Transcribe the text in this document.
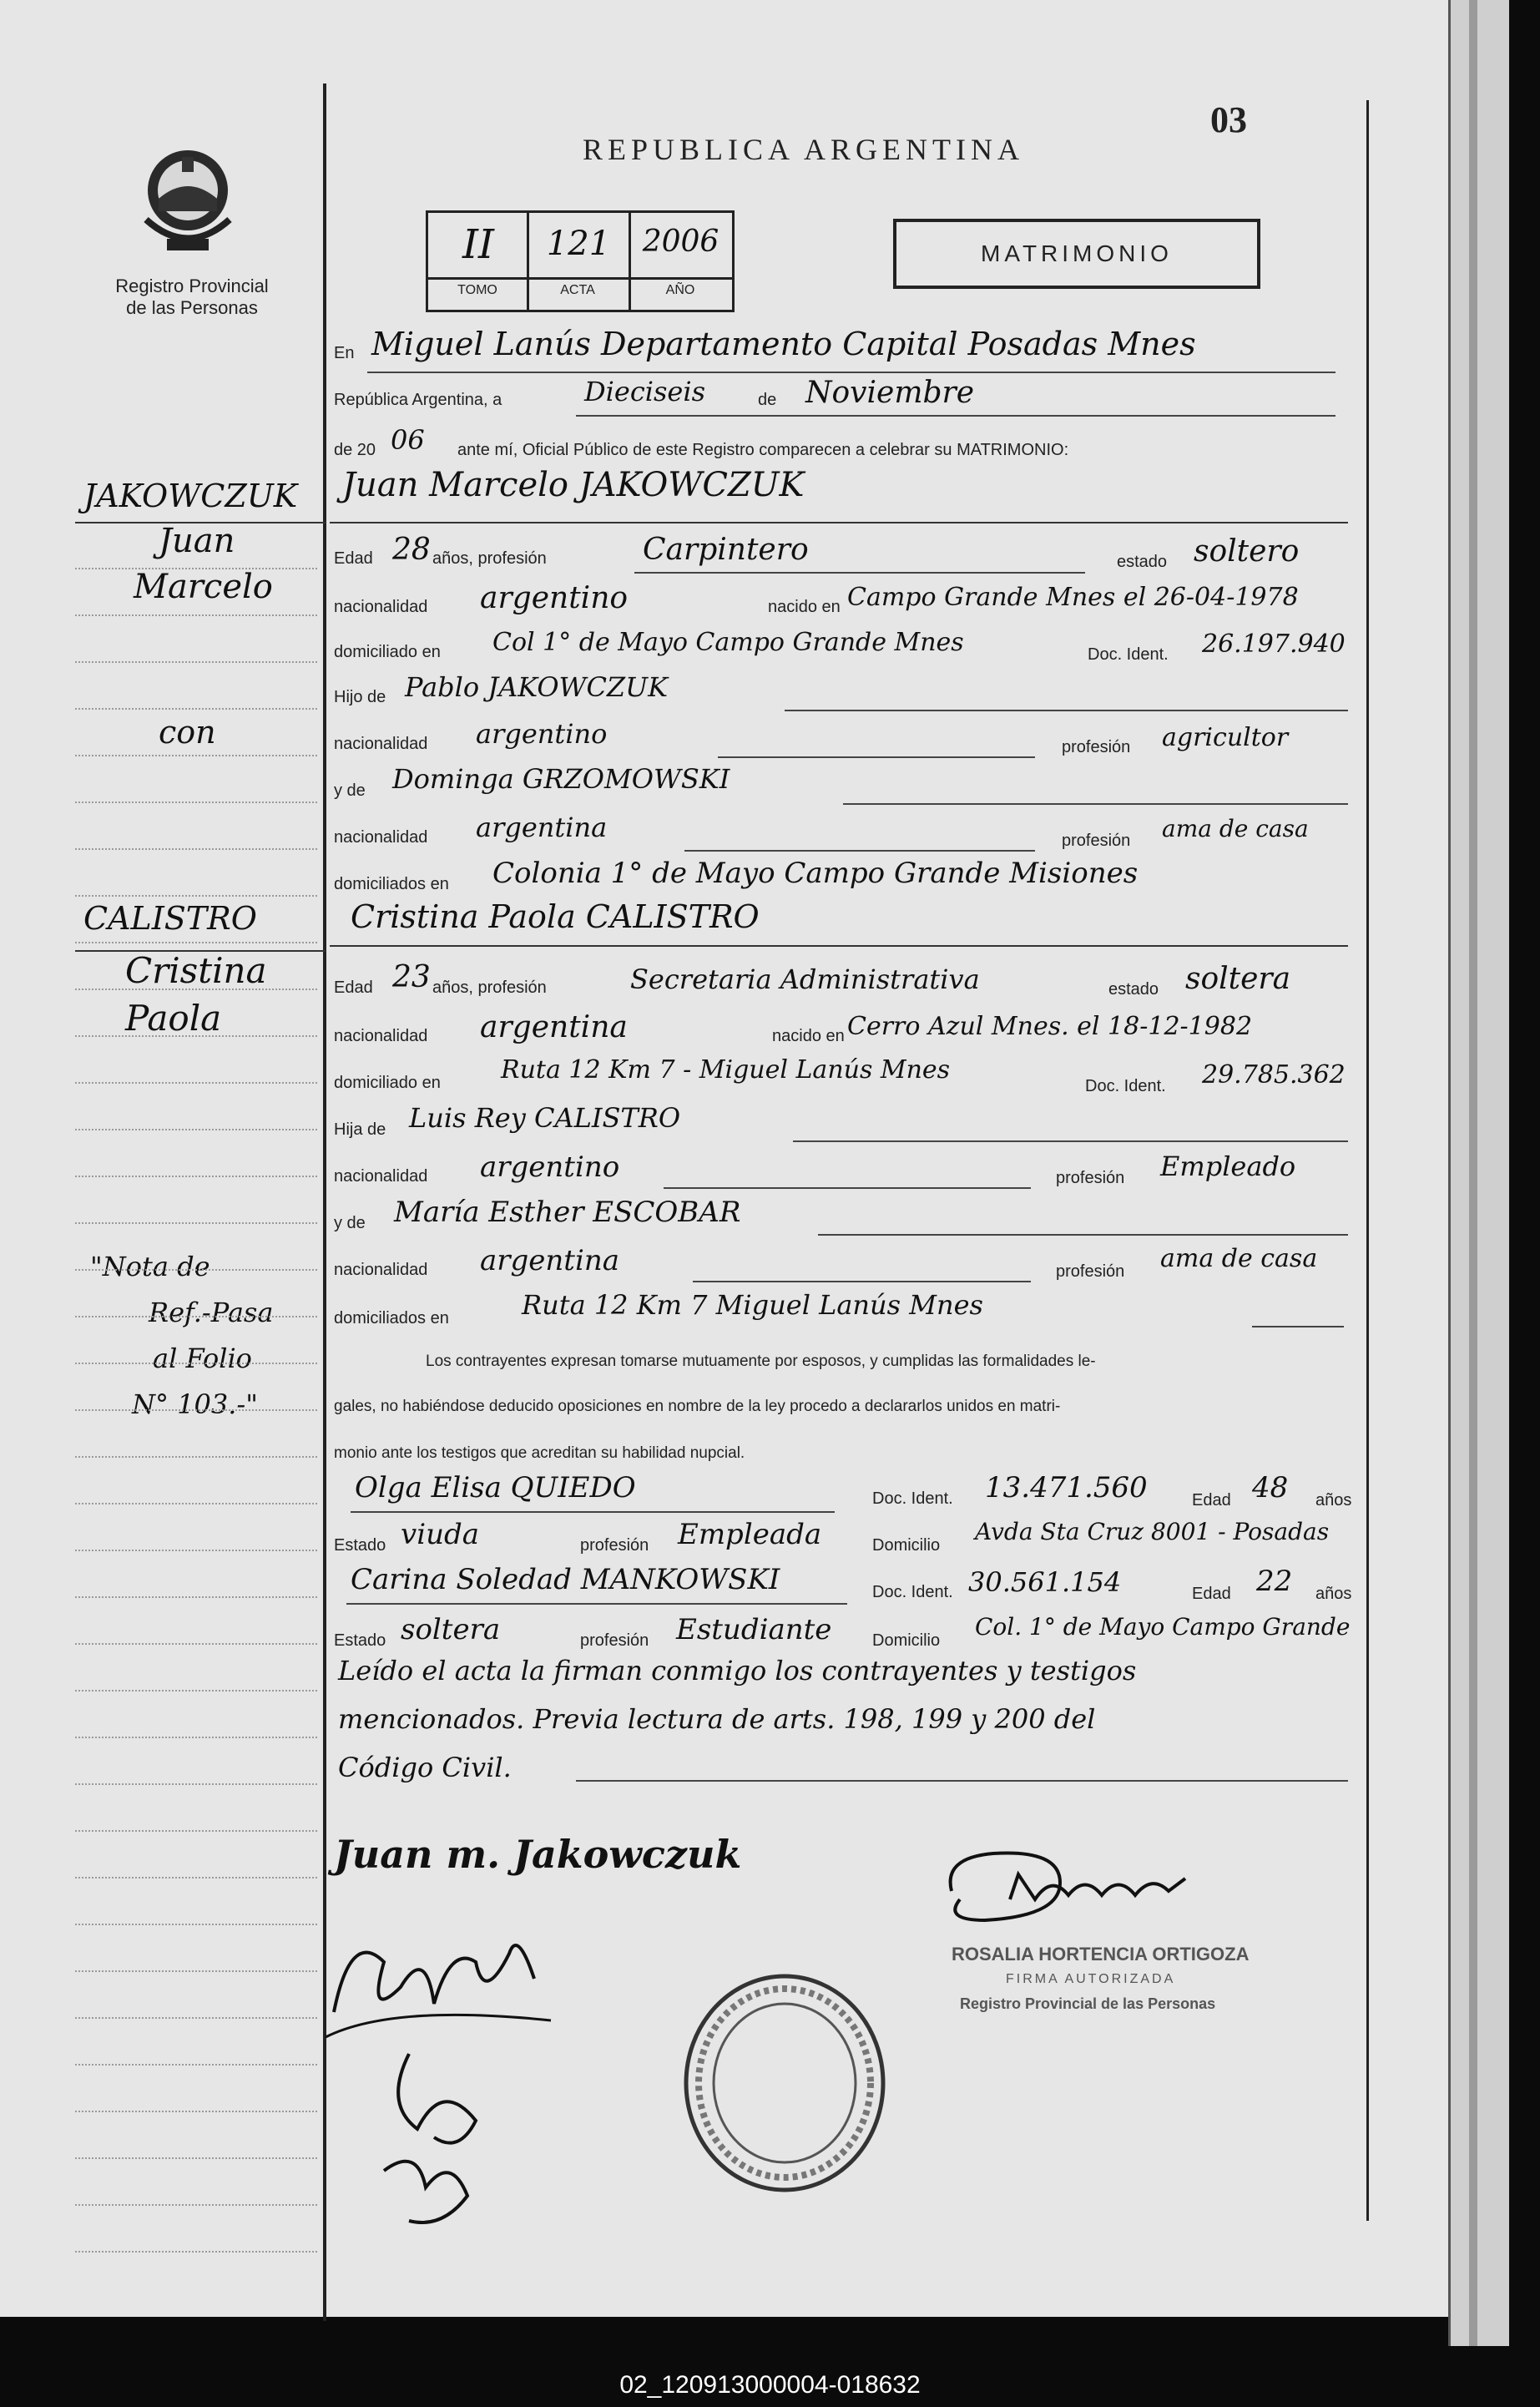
03
Registro Provincial
de las Personas
REPUBLICA ARGENTINA
II	121	2006
TOMO	ACTA	AÑO
MATRIMONIO
En Miguel Lanús Departamento Capital Posadas Mnes
República Argentina, a	Dieciseis	de Noviembre
de 20 06 ante mí, Oficial Público de este Registro comparecen a celebrar su MATRIMONIO:
JAKOWCZUK
Juan
Marcelo
con
CALISTRO
Cristina
Paola
"Nota de
Ref.-Pasa
al Folio
N° 103.-"
Juan Marcelo JAKOWCZUK
Edad 28 años, profesión	Carpintero	estado soltero
nacionalidad argentino	nacido en Campo Grande Mnes el 26-04-1978
domiciliado en Col 1° de Mayo Campo Grande Mnes	Doc. Ident. 26.197.940
Hijo de Pablo JAKOWCZUK
nacionalidad argentino	profesión agricultor
y de Dominga GRZOMOWSKI
nacionalidad argentina	profesión ama de casa
domiciliados en Colonia 1° de Mayo Campo Grande Misiones
Cristina Paola CALISTRO
Edad 23 años, profesión	Secretaria Administrativa	estado soltera
nacionalidad argentina	nacido en Cerro Azul Mnes. el 18-12-1982
domiciliado en Ruta 12 Km 7 - Miguel Lanús Mnes
Doc. Ident. 29.785.362
Hija de Luis Rey CALISTRO
nacionalidad argentino	profesión Empleado
y de María Esther ESCOBAR
nacionalidad argentina	profesión ama de casa
domiciliados en	Ruta 12 Km 7 Miguel Lanús Mnes
Los contrayentes expresan tomarse mutuamente por esposos, y cumplidas las formalidades le-
gales, no habiéndose deducido oposiciones en nombre de la ley procedo a declararlos unidos en matri-
monio ante los testigos que acreditan su habilidad nupcial.
Olga Elisa QUIEDO	Doc. Ident. 13.471.560	Edad 48 años
Estado viuda	profesión Empleada	Domicilio Avda Sta Cruz 8001 - Posadas
Carina Soledad MANKOWSKI	Doc. Ident. 30.561.154	Edad 22 años
Estado soltera	profesión Estudiante Domicilio Col. 1° de Mayo Campo Grande
Leído el acta la firman conmigo los contrayentes y testigos
mencionados. Previa lectura de arts. 198, 199 y 200 del
Código Civil.
Juan m. Jakowczuk
ROSALIA HORTENCIA ORTIGOZA
FIRMA AUTORIZADA
Registro Provincial de las Personas
02_120913000004-018632
